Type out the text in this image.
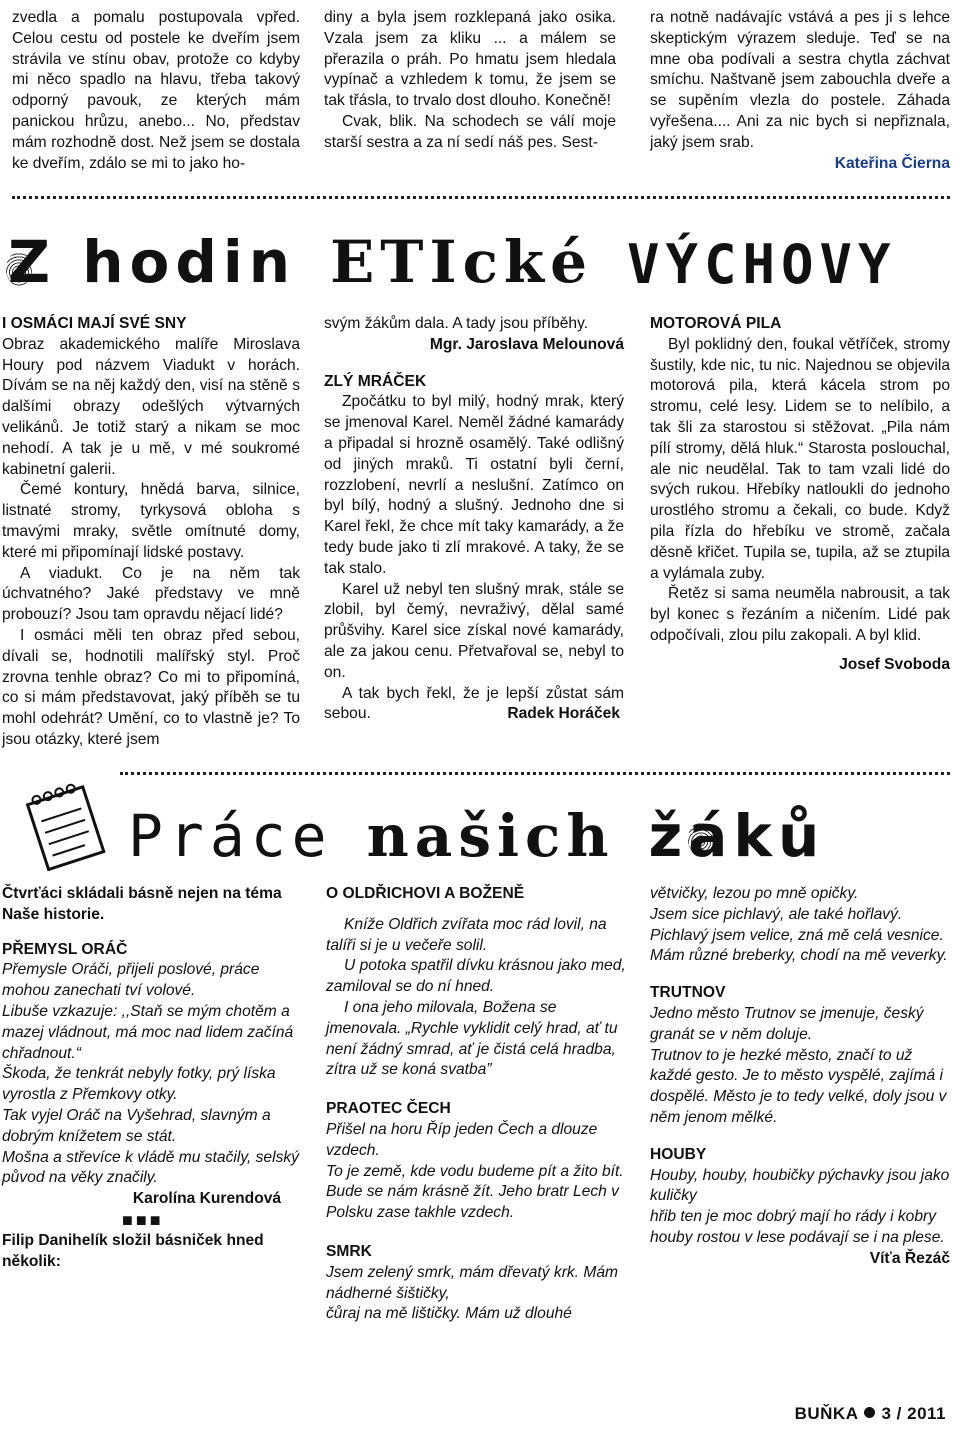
zvedla a pomalu postupovala vpřed. Celou cestu od postele ke dveřím jsem strávila ve stínu obav, protože co kdyby mi něco spadlo na hlavu, třeba takový odporný pavouk, ze kterých mám panickou hrůzu, anebo... No, představ mám rozhodně dost. Než jsem se dostala ke dveřím, zdálo se mi to jako ho-

diny a byla jsem rozklepaná jako osika. Vzala jsem za kliku ... a málem se přerazila o práh. Po hmatu jsem hledala vypínač a vzhledem k tomu, že jsem se tak třásla, to trvalo dost dlouho. Konečně!

Cvak, blik. Na schodech se válí moje starší sestra a za ní sedí náš pes. Sest-

ra notně nadávajíc vstává a pes ji s lehce skeptickým výrazem sleduje. Teď se na mne oba podívali a sestra chytla záchvat smíchu. Naštvaně jsem zabouchla dveře a se supěním vlezla do postele. Záhada vyřešena.... Ani za nic bych si nepřiznala, jaký jsem srab.

Kateřina Čierna

Z hodin ETIcké VÝCHOVY

I OSMÁCI MAJÍ SVÉ SNY

Obraz akademického malíře Miroslava Houry pod názvem Viadukt v horách. Dívám se na něj každý den, visí na stěně s dalšími obrazy odešlých výtvarných velikánů. Je totiž starý a nikam se moc nehodí. A tak je u mě, v mé soukromé kabinetní galerii.

Čemé kontury, hnědá barva, silnice, listnaté stromy, tyrkysová obloha s tmavými mraky, světle omítnuté domy, které mi připomínají lidské postavy.

A viadukt. Co je na něm tak úchvatného? Jaké představy ve mně probouzí? Jsou tam opravdu nějací lidé?

I osmáci měli ten obraz před sebou, dívali se, hodnotili malířský styl. Proč zrovna tenhle obraz? Co mi to připomíná, co si mám představovat, jaký příběh se tu mohl odehrát? Umění, co to vlastně je? To jsou otázky, které jsem

svým žákům dala. A tady jsou příběhy.

Mgr. Jaroslava Melounová

ZLÝ MRÁČEK

Zpočátku to byl milý, hodný mrak, který se jmenoval Karel. Neměl žádné kamarády a připadal si hrozně osamělý. Také odlišný od jiných mraků. Ti ostatní byli černí, rozzlobení, nevrlí a neslušní. Zatímco on byl bílý, hodný a slušný. Jednoho dne si Karel řekl, že chce mít taky kamarády, a že tedy bude jako ti zlí mrakové. A taky, že se tak stalo.

Karel už nebyl ten slušný mrak, stále se zlobil, byl čemý, nevraživý, dělal samé průšvihy. Karel sice získal nové kamarády, ale za jakou cenu. Přetvařoval se, nebyl to on.

A tak bych řekl, že je lepší zůstat sám sebou.	Radek Horáček

MOTOROVÁ PILA

Byl poklidný den, foukal větříček, stromy šustily, kde nic, tu nic. Najednou se objevila motorová pila, která kácela strom po stromu, celé lesy. Lidem se to nelíbilo, a tak šli za starostou si stěžovat. „Pila nám pílí stromy, dělá hluk.“ Starosta poslouchal, ale nic neudělal. Tak to tam vzali lidé do svých rukou. Hřebíky natloukli do jednoho urostlého stromu a čekali, co bude. Když pila řízla do hřebíku ve stromě, začala děsně křičet. Tupila se, tupila, až se ztupila a vylámala zuby.

Řetěz si sama neuměla nabrousit, a tak byl konec s řezáním a ničením. Lidé pak odpočívali, zlou pilu zakopali. A byl klid.

Josef Svoboda

Práce našich žáků

Čtvrťáci skládali básně nejen na téma Naše historie.

PŘEMYSL ORÁČ

Přemysle Oráči, přijeli poslové, práce mohou zanechati tví volové.

Libuše vzkazuje: ,,Staň se mým chotěm a mazej vládnout, má moc nad lidem začíná chřadnout.“

Škoda, že tenkrát nebyly fotky, prý líska vyrostla z Přemkovy otky.

Tak vyjel Oráč na Vyšehrad, slavným a dobrým knížetem se stát.

Mošna a střevíce k vládě mu stačily, selský původ na věky značily.

Karolína Kurendová

■■■

Filip Danihelík složil básniček hned několik:

O OLDŘICHOVI A BOŽENĚ

Kníže Oldřich zvířata moc rád lovil, na talíři si je u večeře solil.

U potoka spatřil dívku krásnou jako med, zamiloval se do ní hned.

I ona jeho milovala, Božena se jmenovala. „Rychle vyklidit celý hrad, ať tu není žádný smrad, ať je čistá celá hradba, zítra už se koná svatba”

PRAOTEC ČECH

Přišel na horu Říp jeden Čech a dlouze vzdech.

To je země, kde vodu budeme pít a žito bít. Bude se nám krásně žít. Jeho bratr Lech v Polsku zase takhle vzdech.

SMRK

Jsem zelený smrk, mám dřevatý krk. Mám nádherné šištičky,

čůraj na mě lištičky. Mám už dlouhé

větvičky, lezou po mně opičky.

Jsem sice pichlavý, ale také hořlavý.

Pichlavý jsem velice, zná mě celá vesnice. Mám různé breberky, chodí na mě veverky.

TRUTNOV

Jedno město Trutnov se jmenuje, český granát se v něm doluje.

Trutnov to je hezké město, značí to už každé gesto. Je to město vyspělé, zajímá i dospělé. Město je to tedy velké, doly jsou v něm jenom mělké.

HOUBY

Houby, houby, houbičky pýchavky jsou jako kuličky

hřib ten je moc dobrý mají ho rády i kobry

houby rostou v lese podávají se i na plese.

Víťa Řezáč

BUŇKA 3 / 2011
